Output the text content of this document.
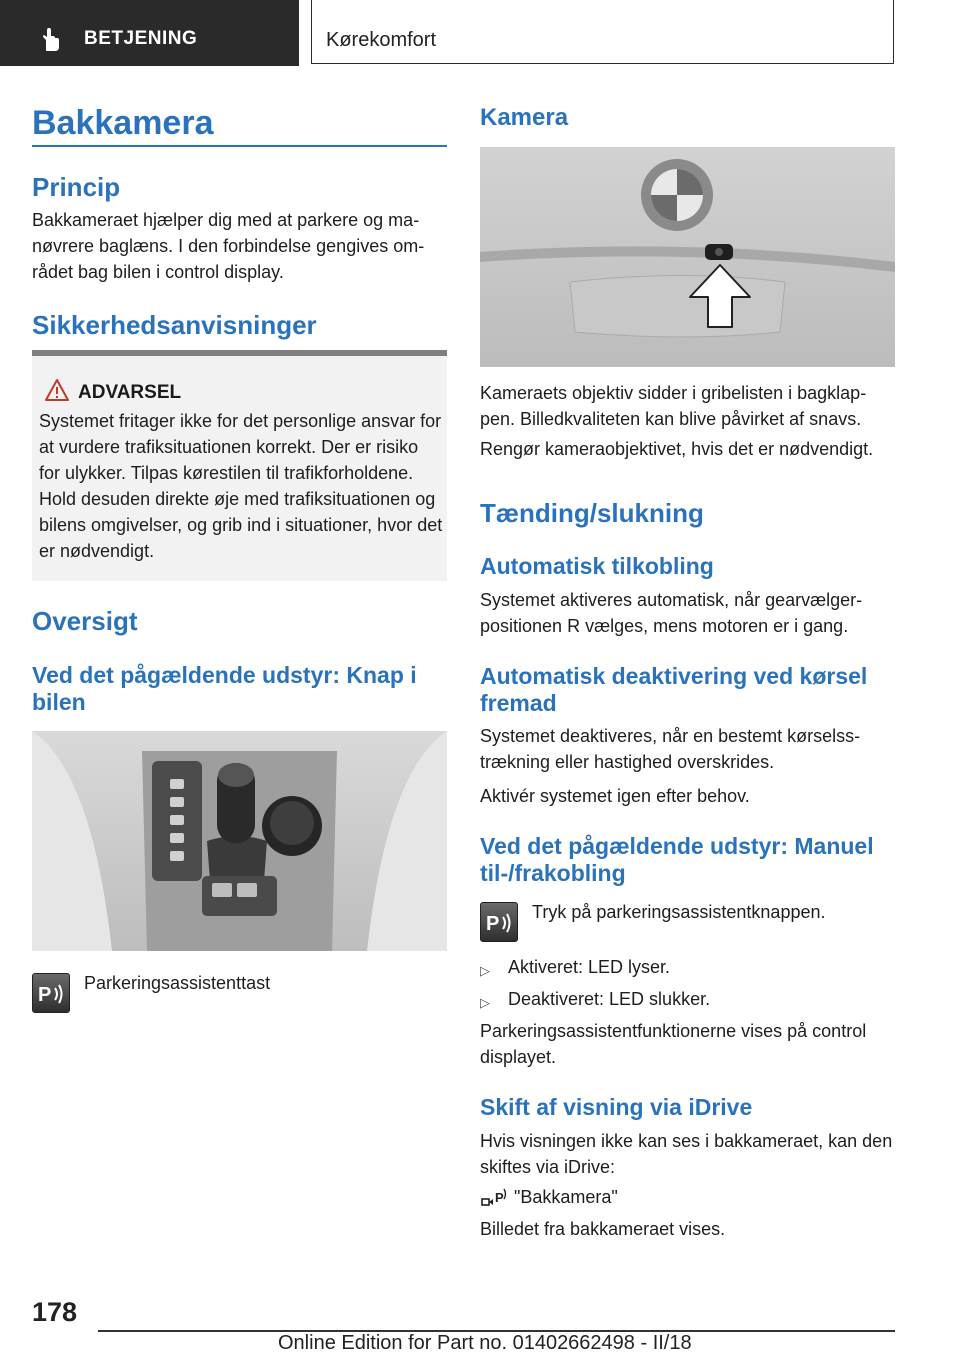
BETJENING	Kørekomfort
Bakkamera
Princip

Bakkameraet hjælper dig med at parkere og manøvrere baglæns. I den forbindelse gengives området bag bilen i control display.

Sikkerhedsanvisninger
ADVARSEL

Systemet fritager ikke for det personlige ansvar for at vurdere trafiksituationen korrekt. Der er risiko for ulykker. Tilpas kørestilen til trafikforholdene. Hold desuden direkte øje med trafiksituationen og bilens omgivelser, og grib ind i situationer, hvor det er nødvendigt.

Oversigt
Ved det pågældende udstyr: Knap i bilen
P
Parkeringsassistenttast
Kamera

Kameraets objektiv sidder i gribelisten i bagklappen. Billedkvaliteten kan blive påvirket af snavs.

Rengør kameraobjektivet, hvis det er nødvendigt.

Tænding/slukning
Automatisk tilkobling

Systemet aktiveres automatisk, når gearvælgerpositionen R vælges, mens motoren er i gang.

Automatisk deaktivering ved kørsel fremad

Systemet deaktiveres, når en bestemt kørselsstrækning eller hastighed overskrides.

Aktivér systemet igen efter behov.

Ved det pågældende udstyr: Manuel til-/frakobling
P
Tryk på parkeringsassistentknappen.
▷ Aktiveret: LED lyser.
▷ Deaktiveret: LED slukker.

Parkeringsassistentfunktionerne vises på control displayet.

Skift af visning via iDrive

Hvis visningen ikke kan ses i bakkameraet, kan den skiftes via iDrive:

P "Bakkamera"

Billedet fra bakkameraet vises.

178
Online Edition for Part no. 01402662498 - II/18
